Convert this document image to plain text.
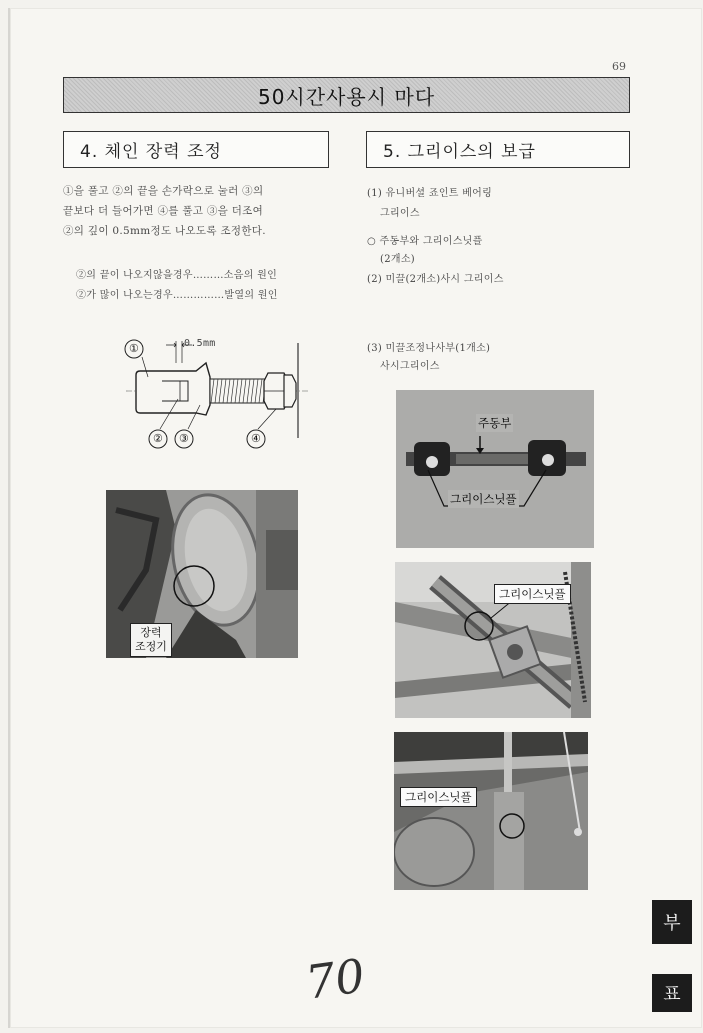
69
50시간사용시 마다
4. 체인 장력 조정
①을 풀고 ②의 끝을 손가락으로 눌러 ③의
끝보다 더 들어가면 ④를 풀고 ③을 더조여
②의 깊이 0.5mm정도 나오도록 조정한다.
②의 끝이 나오지않을경우………소음의 원인
②가 많이 나오는경우……………발열의 원인
0.5mm
①
② ③	④
장력
조정기
5. 그리이스의 보급
(1) 유니버셜 죠인트 베어링
그리이스
○ 주동부와 그리이스닛플
(2개소)
(2) 미끌(2개소)사시 그리이스
(3) 미끌조정나사부(1개소)
사시그리이스
주동부
그리이스닛플
그리이스닛플
그리이스닛플
70
부
표
